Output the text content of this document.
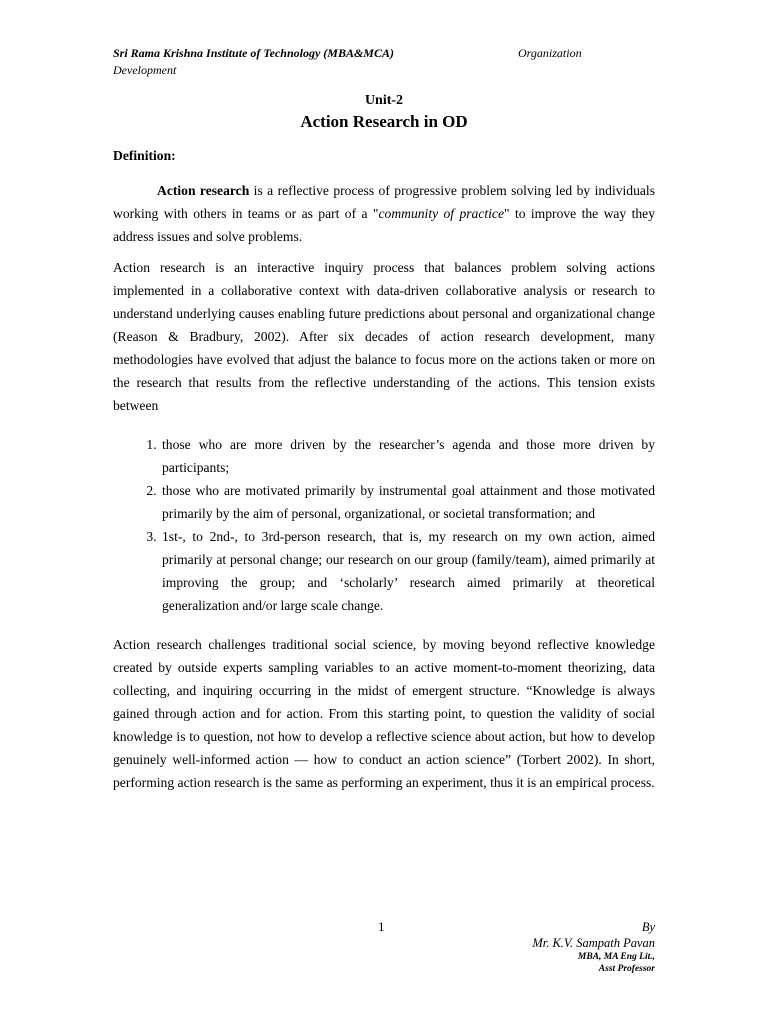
Sri Rama Krishna Institute of Technology (MBA&MCA)	Organization
Development
Unit-2
Action Research in OD
Definition:

Action research is a reflective process of progressive problem solving led by individuals working with others in teams or as part of a "community of practice" to improve the way they address issues and solve problems.

Action research is an interactive inquiry process that balances problem solving actions implemented in a collaborative context with data-driven collaborative analysis or research to understand underlying causes enabling future predictions about personal and organizational change (Reason & Bradbury, 2002). After six decades of action research development, many methodologies have evolved that adjust the balance to focus more on the actions taken or more on the research that results from the reflective understanding of the actions. This tension exists between

1. those who are more driven by the researcher’s agenda and those more driven by participants;
2. those who are motivated primarily by instrumental goal attainment and those motivated primarily by the aim of personal, organizational, or societal transformation; and
3. 1st-, to 2nd-, to 3rd-person research, that is, my research on my own action, aimed primarily at personal change; our research on our group (family/team), aimed primarily at improving the group; and ‘scholarly’ research aimed primarily at theoretical generalization and/or large scale change.

Action research challenges traditional social science, by moving beyond reflective knowledge created by outside experts sampling variables to an active moment-to-moment theorizing, data collecting, and inquiring occurring in the midst of emergent structure. “Knowledge is always gained through action and for action. From this starting point, to question the validity of social knowledge is to question, not how to develop a reflective science about action, but how to develop genuinely well-informed action — how to conduct an action science” (Torbert 2002). In short, performing action research is the same as performing an experiment, thus it is an empirical process.

1	By
Mr. K.V. Sampath Pavan
MBA, MA Eng Lit.,
Asst Professor
